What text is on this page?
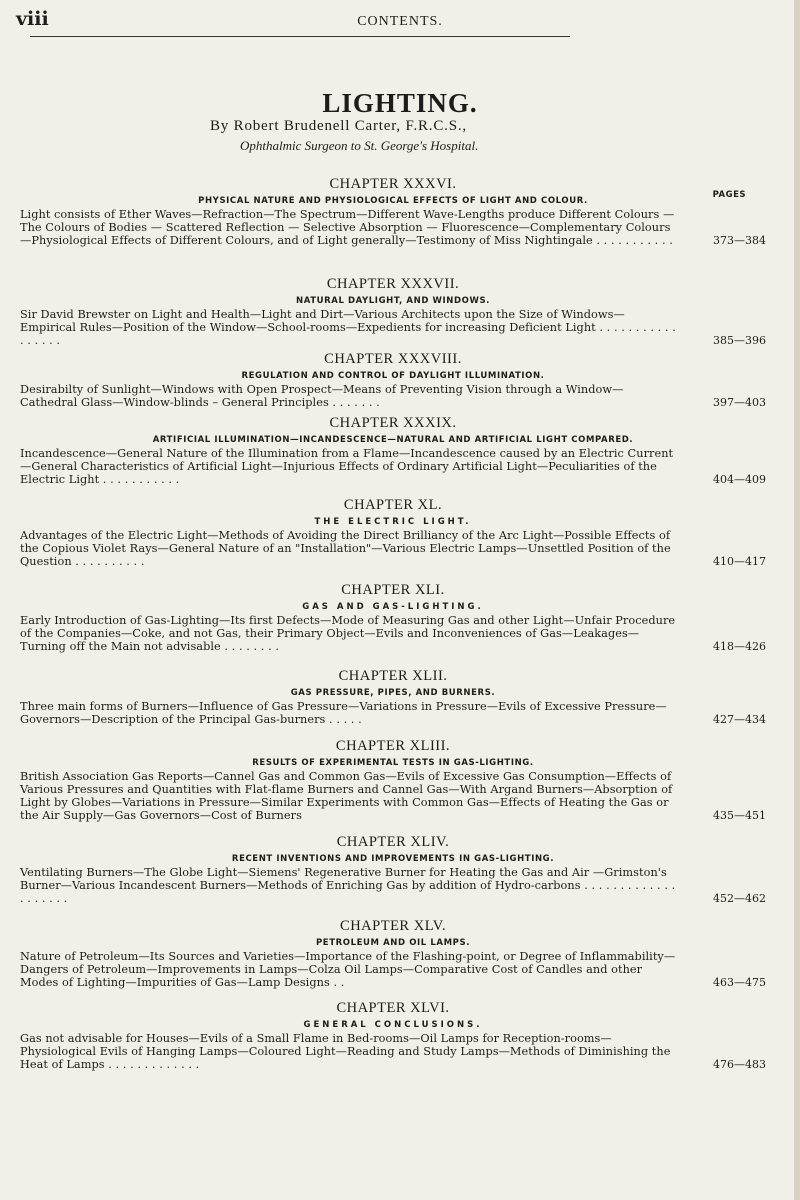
viii	CONTENTS.
LIGHTING.
By Robert Brudenell Carter, F.R.C.S.,
Ophthalmic Surgeon to St. George's Hospital.
CHAPTER XXXVI.
PHYSICAL NATURE AND PHYSIOLOGICAL EFFECTS OF LIGHT AND COLOUR.
PAGES
Light consists of Ether Waves—Refraction—The Spectrum—Different Wave-Lengths produce Different Colours — The Colours of Bodies — Scattered Reflection — Selective Absorption — Fluorescence—Complementary Colours—Physiological Effects of Different Colours, and of Light generally—Testimony of Miss Nightingale . . . . . . . . . . .	373—384
CHAPTER XXXVII.
NATURAL DAYLIGHT, AND WINDOWS.
Sir David Brewster on Light and Health—Light and Dirt—Various Architects upon the Size of Windows—Empirical Rules—Position of the Window—School-rooms—Expedients for increasing Deficient Light . . . . . . . . . . . . . . . . .	385—396
CHAPTER XXXVIII.
REGULATION AND CONTROL OF DAYLIGHT ILLUMINATION.
Desirabilty of Sunlight—Windows with Open Prospect—Means of Preventing Vision through a Window—Cathedral Glass—Window-blinds – General Principles . . . . . . .	397—403
CHAPTER XXXIX.
ARTIFICIAL ILLUMINATION—INCANDESCENCE—NATURAL AND ARTIFICIAL LIGHT COMPARED.
Incandescence—General Nature of the Illumination from a Flame—Incandescence caused by an Electric Current—General Characteristics of Artificial Light—Injurious Effects of Ordinary Artificial Light—Peculiarities of the Electric Light . . . . . . . . . . .	404—409
CHAPTER XL.
THE ELECTRIC LIGHT.
Advantages of the Electric Light—Methods of Avoiding the Direct Brilliancy of the Arc Light—Possible Effects of the Copious Violet Rays—General Nature of an "Installation"—Various Electric Lamps—Unsettled Position of the Question . . . . . . . . . .	410—417
CHAPTER XLI.
GAS AND GAS-LIGHTING.
Early Introduction of Gas-Lighting—Its first Defects—Mode of Measuring Gas and other Light—Unfair Procedure of the Companies—Coke, and not Gas, their Primary Object—Evils and Inconveniences of Gas—Leakages—Turning off the Main not advisable . . . . . . . .	418—426
CHAPTER XLII.
GAS PRESSURE, PIPES, AND BURNERS.
Three main forms of Burners—Influence of Gas Pressure—Variations in Pressure—Evils of Excessive Pressure—Governors—Description of the Principal Gas-burners . . . . .	427—434
CHAPTER XLIII.
RESULTS OF EXPERIMENTAL TESTS IN GAS-LIGHTING.
British Association Gas Reports—Cannel Gas and Common Gas—Evils of Excessive Gas Consumption—Effects of Various Pressures and Quantities with Flat-flame Burners and Cannel Gas—With Argand Burners—Absorption of Light by Globes—Variations in Pressure—Similar Experiments with Common Gas—Effects of Heating the Gas or the Air Supply—Gas Governors—Cost of Burners	435—451
CHAPTER XLIV.
RECENT INVENTIONS AND IMPROVEMENTS IN GAS-LIGHTING.
Ventilating Burners—The Globe Light—Siemens' Regenerative Burner for Heating the Gas and Air —Grimston's Burner—Various Incandescent Burners—Methods of Enriching Gas by addition of Hydro-carbons . . . . . . . . . . . . . . . . . . . .	452—462
CHAPTER XLV.
PETROLEUM AND OIL LAMPS.
Nature of Petroleum—Its Sources and Varieties—Importance of the Flashing-point, or Degree of Inflammability—Dangers of Petroleum—Improvements in Lamps—Colza Oil Lamps—Comparative Cost of Candles and other Modes of Lighting—Impurities of Gas—Lamp Designs . .	463—475
CHAPTER XLVI.
GENERAL CONCLUSIONS.
Gas not advisable for Houses—Evils of a Small Flame in Bed-rooms—Oil Lamps for Reception-rooms—Physiological Evils of Hanging Lamps—Coloured Light—Reading and Study Lamps—Methods of Diminishing the Heat of Lamps . . . . . . . . . . . . .	476—483
